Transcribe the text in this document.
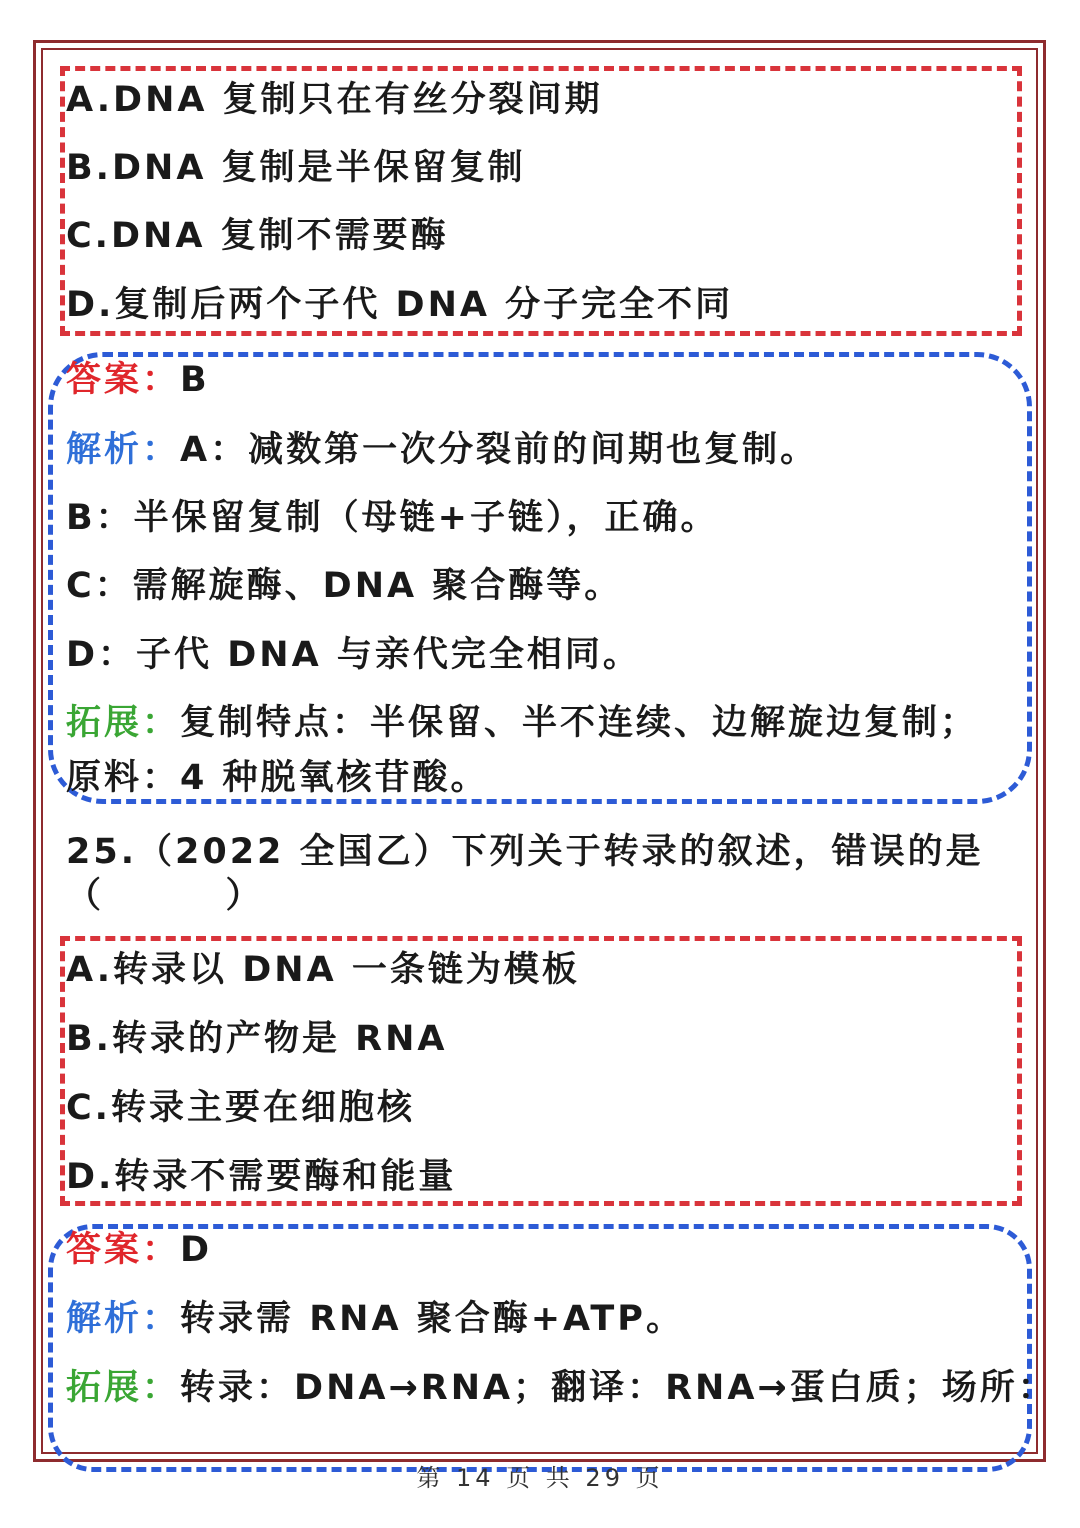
A.DNA 复制只在有丝分裂间期
B.DNA 复制是半保留复制
C.DNA 复制不需要酶
D.复制后两个子代 DNA 分子完全不同
答案：B
解析：A：减数第一次分裂前的间期也复制。
B：半保留复制（母链+子链），正确。
C：需解旋酶、DNA 聚合酶等。
D：子代 DNA 与亲代完全相同。
拓展：复制特点：半保留、半不连续、边解旋边复制；
原料：4 种脱氧核苷酸。
25.（2022 全国乙）下列关于转录的叙述，错误的是
（        ）
A.转录以 DNA 一条链为模板
B.转录的产物是 RNA
C.转录主要在细胞核
D.转录不需要酶和能量
答案：D
解析：转录需 RNA 聚合酶+ATP。
拓展：转录：DNA→RNA；翻译：RNA→蛋白质；场所：
第 14 页 共 29 页
